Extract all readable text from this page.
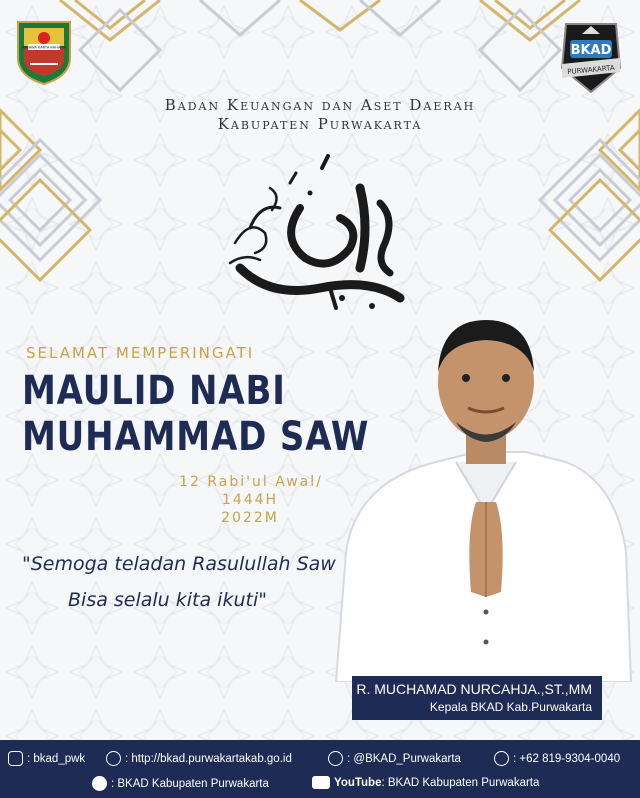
WIBAWA KARTA RAHARJA	BKAD
PURWAKARTA
Badan Keuangan dan Aset Daerah
Kabupaten Purwakarta
SELAMAT MEMPERINGATI
MAULID NABI
MUHAMMAD SAW
12 Rabi'ul Awal/
1444H
2022M
"Semoga teladan Rasulullah Saw
Bisa selalu kita ikuti"
R. MUCHAMAD NURCAHJA.,ST.,MM
Kepala BKAD Kab.Purwakarta
: bkad_pwk	: http://bkad.purwakartakab.go.id	: @BKAD_Purwakarta	: +62 819-9304-0040
: BKAD Kabupaten Purwakarta	YouTube : BKAD Kabupaten Purwakarta
